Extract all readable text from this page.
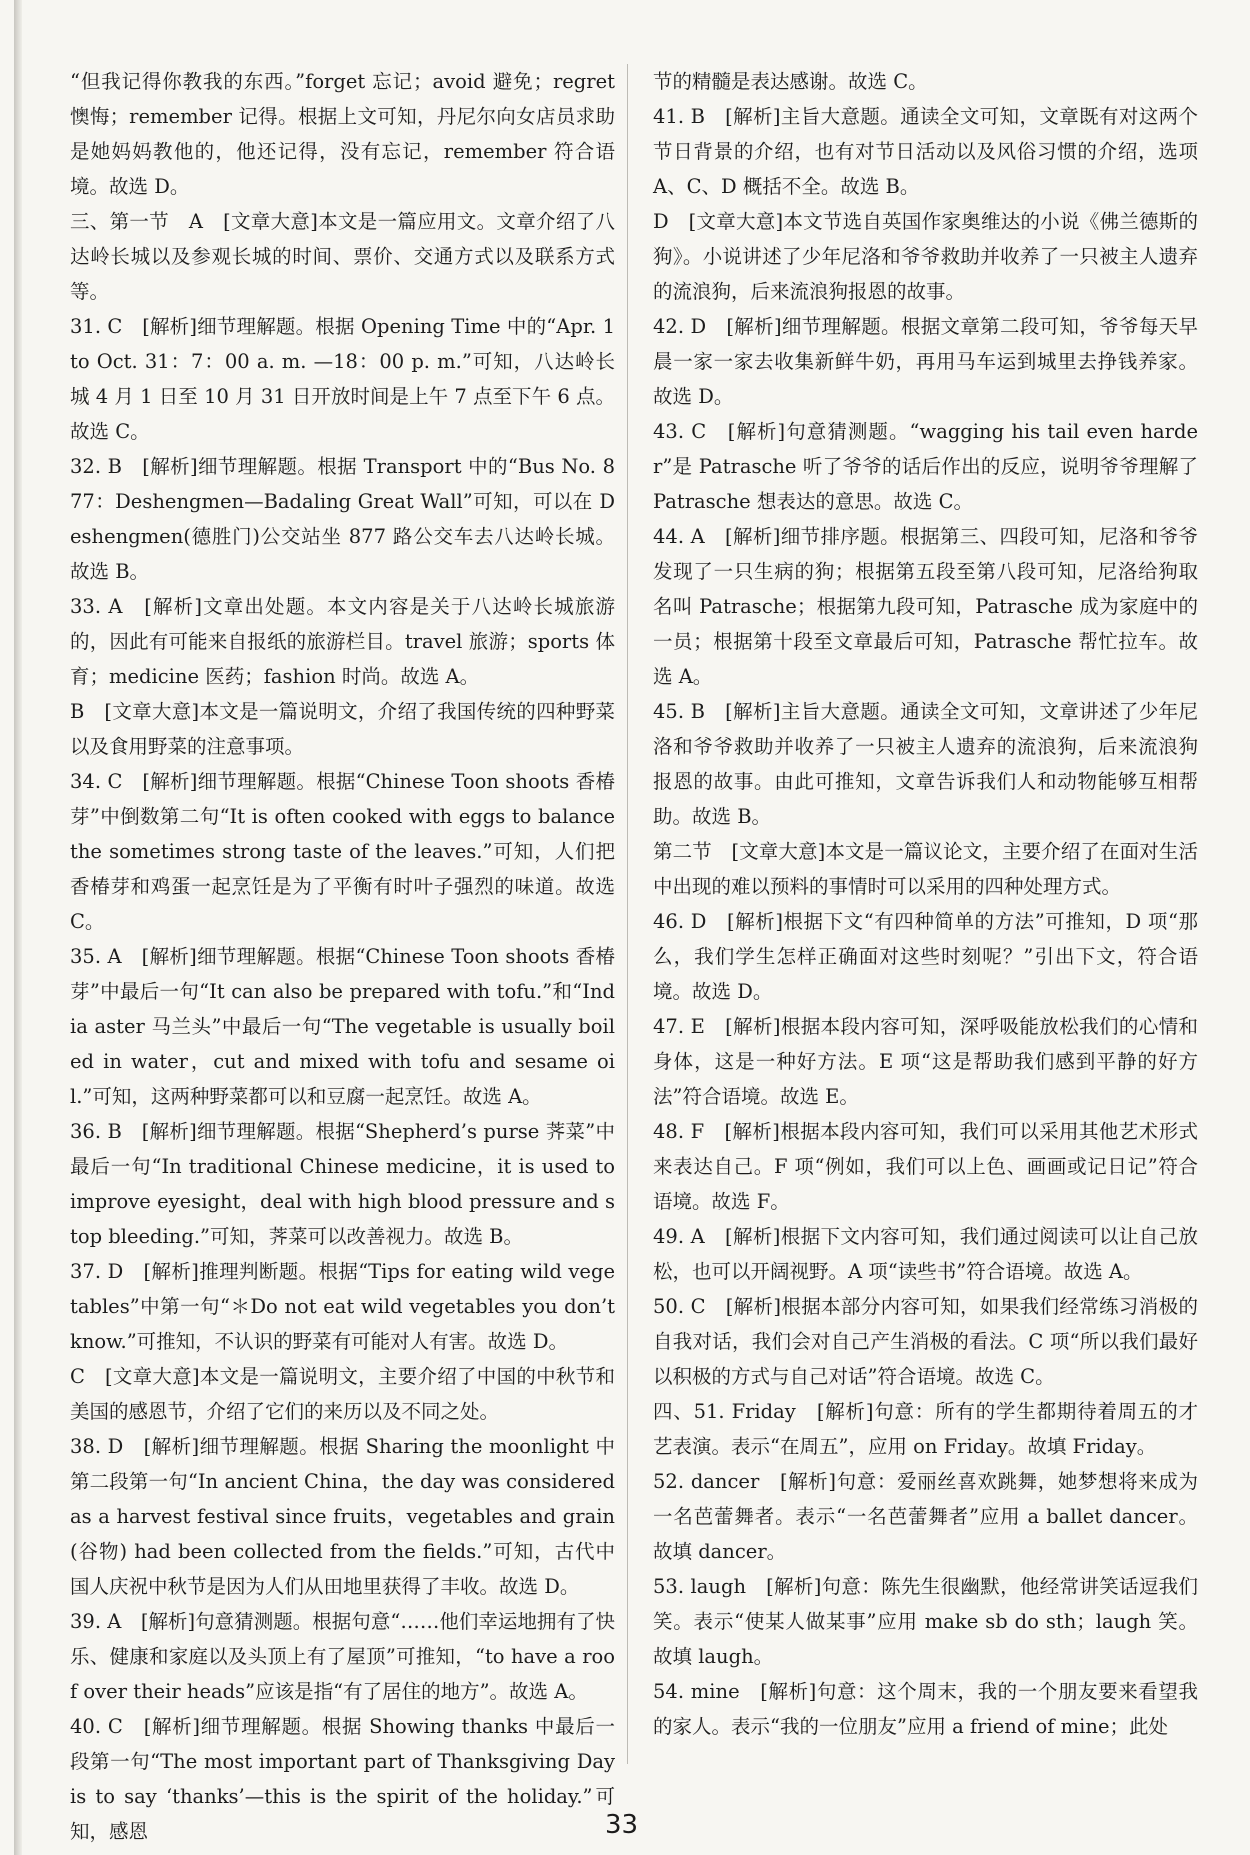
“但我记得你教我的东西。”forget 忘记；avoid 避免；regret 懊悔；remember 记得。根据上文可知，丹尼尔向女店员求助是她妈妈教他的，他还记得，没有忘记，remember 符合语境。故选 D。

三、第一节　A　[文章大意]本文是一篇应用文。文章介绍了八达岭长城以及参观长城的时间、票价、交通方式以及联系方式等。

31. C　[解析]细节理解题。根据 Opening Time 中的“Apr. 1 to Oct. 31：7：00 a. m. —18：00 p. m.”可知，八达岭长城 4 月 1 日至 10 月 31 日开放时间是上午 7 点至下午 6 点。故选 C。

32. B　[解析]细节理解题。根据 Transport 中的“Bus No. 877：Deshengmen—Badaling Great Wall”可知，可以在 Deshengmen(德胜门)公交站坐 877 路公交车去八达岭长城。故选 B。

33. A　[解析]文章出处题。本文内容是关于八达岭长城旅游的，因此有可能来自报纸的旅游栏目。travel 旅游；sports 体育；medicine 医药；fashion 时尚。故选 A。

B　[文章大意]本文是一篇说明文，介绍了我国传统的四种野菜以及食用野菜的注意事项。

34. C　[解析]细节理解题。根据“Chinese Toon shoots 香椿芽”中倒数第二句“It is often cooked with eggs to balance the sometimes strong taste of the leaves.”可知，人们把香椿芽和鸡蛋一起烹饪是为了平衡有时叶子强烈的味道。故选 C。

35. A　[解析]细节理解题。根据“Chinese Toon shoots 香椿芽”中最后一句“It can also be prepared with tofu.”和“India aster 马兰头”中最后一句“The vegetable is usually boiled in water，cut and mixed with tofu and sesame oil.”可知，这两种野菜都可以和豆腐一起烹饪。故选 A。

36. B　[解析]细节理解题。根据“Shepherd’s purse 荠菜”中最后一句“In traditional Chinese medicine，it is used to improve eyesight，deal with high blood pressure and stop bleeding.”可知，荠菜可以改善视力。故选 B。

37. D　[解析]推理判断题。根据“Tips for eating wild vegetables”中第一句“＊Do not eat wild vegetables you don’t know.”可推知，不认识的野菜有可能对人有害。故选 D。

C　[文章大意]本文是一篇说明文，主要介绍了中国的中秋节和美国的感恩节，介绍了它们的来历以及不同之处。

38. D　[解析]细节理解题。根据 Sharing the moonlight 中第二段第一句“In ancient China，the day was considered as a harvest festival since fruits，vegetables and grain(谷物) had been collected from the fields.”可知，古代中国人庆祝中秋节是因为人们从田地里获得了丰收。故选 D。

39. A　[解析]句意猜测题。根据句意“……他们幸运地拥有了快乐、健康和家庭以及头顶上有了屋顶”可推知，“to have a roof over their heads”应该是指“有了居住的地方”。故选 A。

40. C　[解析]细节理解题。根据 Showing thanks 中最后一段第一句“The most important part of Thanksgiving Day is to say ‘thanks’—this is the spirit of the holiday.”可知，感恩

节的精髓是表达感谢。故选 C。

41. B　[解析]主旨大意题。通读全文可知，文章既有对这两个节日背景的介绍，也有对节日活动以及风俗习惯的介绍，选项 A、C、D 概括不全。故选 B。

D　[文章大意]本文节选自英国作家奥维达的小说《佛兰德斯的狗》。小说讲述了少年尼洛和爷爷救助并收养了一只被主人遗弃的流浪狗，后来流浪狗报恩的故事。

42. D　[解析]细节理解题。根据文章第二段可知，爷爷每天早晨一家一家去收集新鲜牛奶，再用马车运到城里去挣钱养家。故选 D。

43. C　[解析]句意猜测题。“wagging his tail even harder”是 Patrasche 听了爷爷的话后作出的反应，说明爷爷理解了 Patrasche 想表达的意思。故选 C。

44. A　[解析]细节排序题。根据第三、四段可知，尼洛和爷爷发现了一只生病的狗；根据第五段至第八段可知，尼洛给狗取名叫 Patrasche；根据第九段可知，Patrasche 成为家庭中的一员；根据第十段至文章最后可知，Patrasche 帮忙拉车。故选 A。

45. B　[解析]主旨大意题。通读全文可知，文章讲述了少年尼洛和爷爷救助并收养了一只被主人遗弃的流浪狗，后来流浪狗报恩的故事。由此可推知，文章告诉我们人和动物能够互相帮助。故选 B。

第二节　[文章大意]本文是一篇议论文，主要介绍了在面对生活中出现的难以预料的事情时可以采用的四种处理方式。

46. D　[解析]根据下文“有四种简单的方法”可推知，D 项“那么，我们学生怎样正确面对这些时刻呢？”引出下文，符合语境。故选 D。

47. E　[解析]根据本段内容可知，深呼吸能放松我们的心情和身体，这是一种好方法。E 项“这是帮助我们感到平静的好方法”符合语境。故选 E。

48. F　[解析]根据本段内容可知，我们可以采用其他艺术形式来表达自己。F 项“例如，我们可以上色、画画或记日记”符合语境。故选 F。

49. A　[解析]根据下文内容可知，我们通过阅读可以让自己放松，也可以开阔视野。A 项“读些书”符合语境。故选 A。

50. C　[解析]根据本部分内容可知，如果我们经常练习消极的自我对话，我们会对自己产生消极的看法。C 项“所以我们最好以积极的方式与自己对话”符合语境。故选 C。

四、51. Friday　[解析]句意：所有的学生都期待着周五的才艺表演。表示“在周五”，应用 on Friday。故填 Friday。

52. dancer　[解析]句意：爱丽丝喜欢跳舞，她梦想将来成为一名芭蕾舞者。表示“一名芭蕾舞者”应用 a ballet dancer。故填 dancer。

53. laugh　[解析]句意：陈先生很幽默，他经常讲笑话逗我们笑。表示“使某人做某事”应用 make sb do sth；laugh 笑。故填 laugh。

54. mine　[解析]句意：这个周末，我的一个朋友要来看望我的家人。表示“我的一位朋友”应用 a friend of mine；此处

33
